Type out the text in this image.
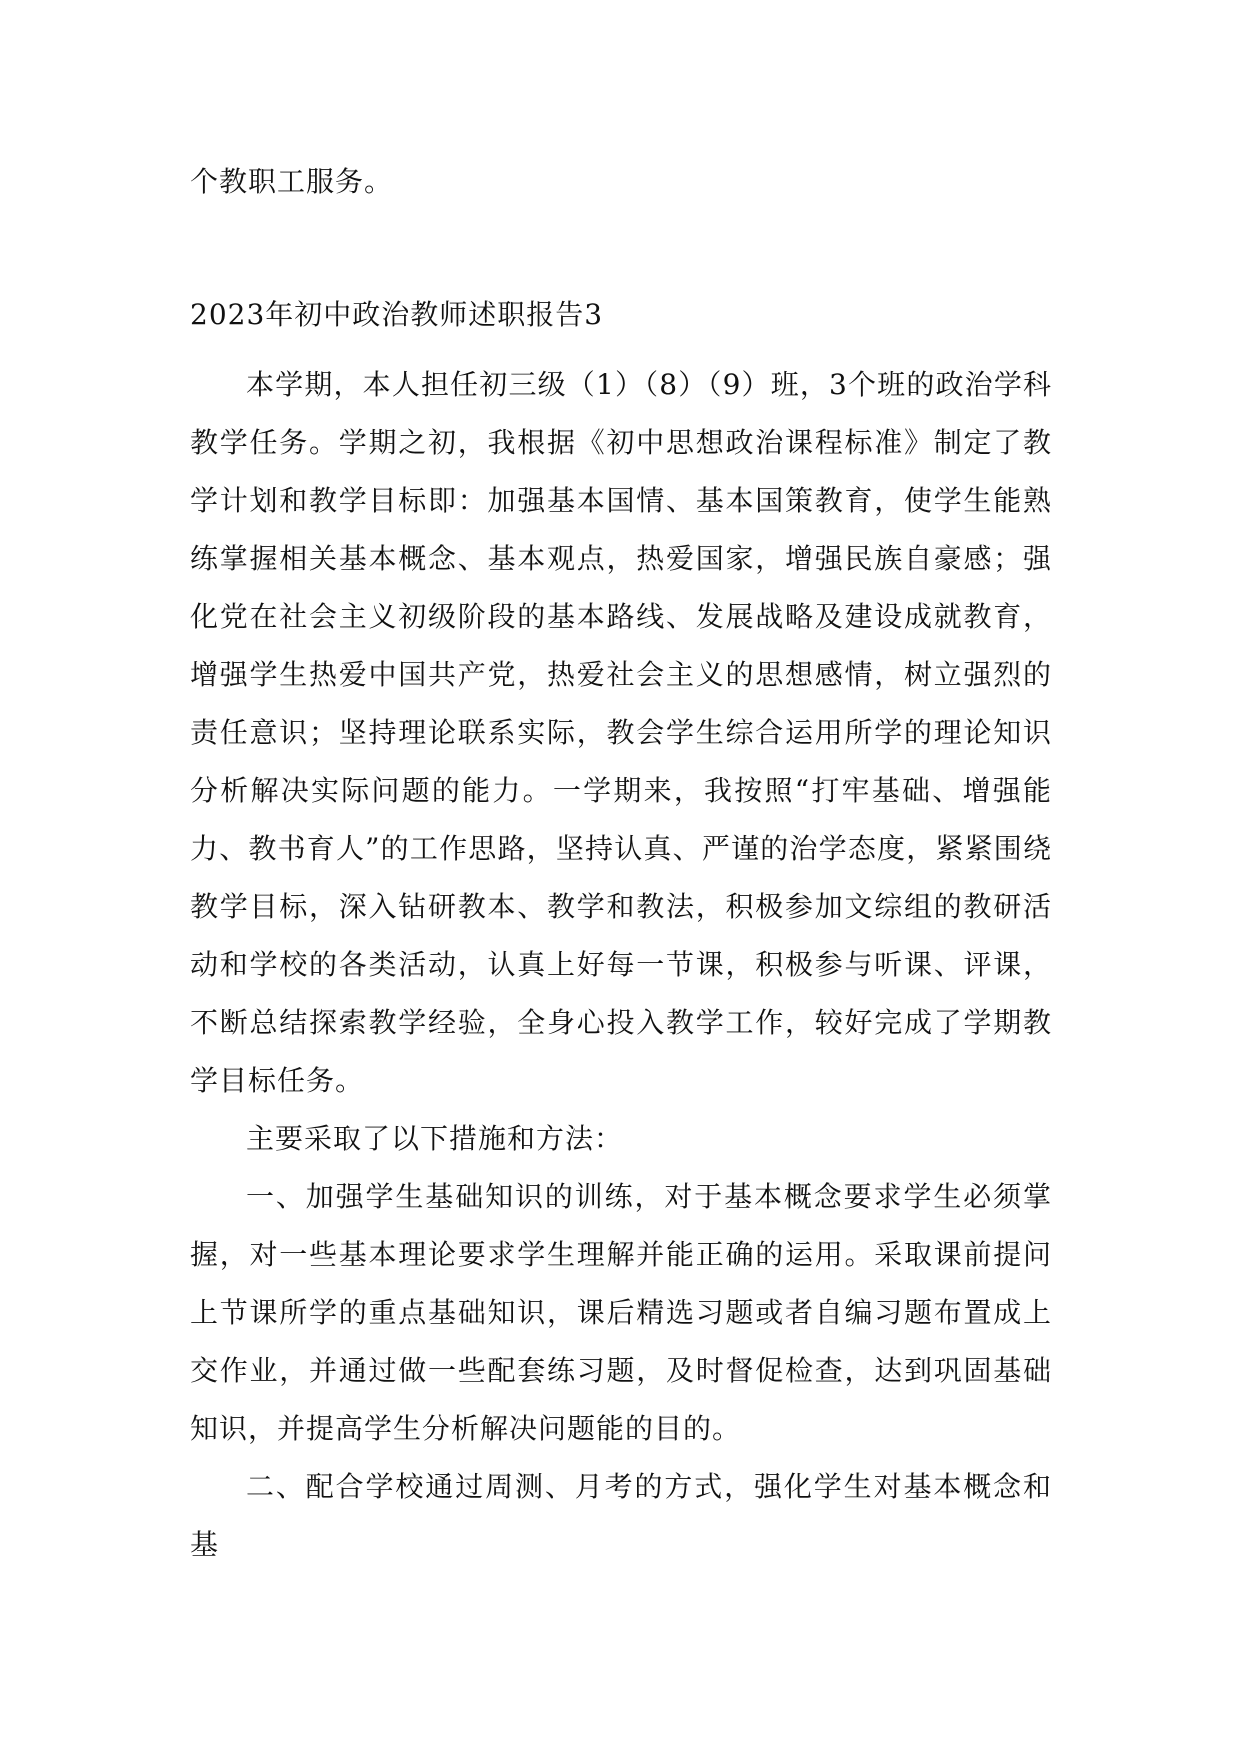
个教职工服务。
2023年初中政治教师述职报告3

本学期，本人担任初三级（1）（8）（9）班，3个班的政治学科教学任务。学期之初，我根据《初中思想政治课程标准》制定了教学计划和教学目标即：加强基本国情、基本国策教育，使学生能熟练掌握相关基本概念、基本观点，热爱国家，增强民族自豪感；强化党在社会主义初级阶段的基本路线、发展战略及建设成就教育，增强学生热爱中国共产党，热爱社会主义的思想感情，树立强烈的责任意识；坚持理论联系实际，教会学生综合运用所学的理论知识分析解决实际问题的能力。一学期来，我按照“打牢基础、增强能力、教书育人”的工作思路，坚持认真、严谨的治学态度，紧紧围绕教学目标，深入钻研教本、教学和教法，积极参加文综组的教研活动和学校的各类活动，认真上好每一节课，积极参与听课、评课，不断总结探索教学经验，全身心投入教学工作，较好完成了学期教学目标任务。

主要采取了以下措施和方法：

一、加强学生基础知识的训练，对于基本概念要求学生必须掌握，对一些基本理论要求学生理解并能正确的运用。采取课前提问上节课所学的重点基础知识，课后精选习题或者自编习题布置成上交作业，并通过做一些配套练习题，及时督促检查，达到巩固基础知识，并提高学生分析解决问题能的目的。

二、配合学校通过周测、月考的方式，强化学生对基本概念和基
